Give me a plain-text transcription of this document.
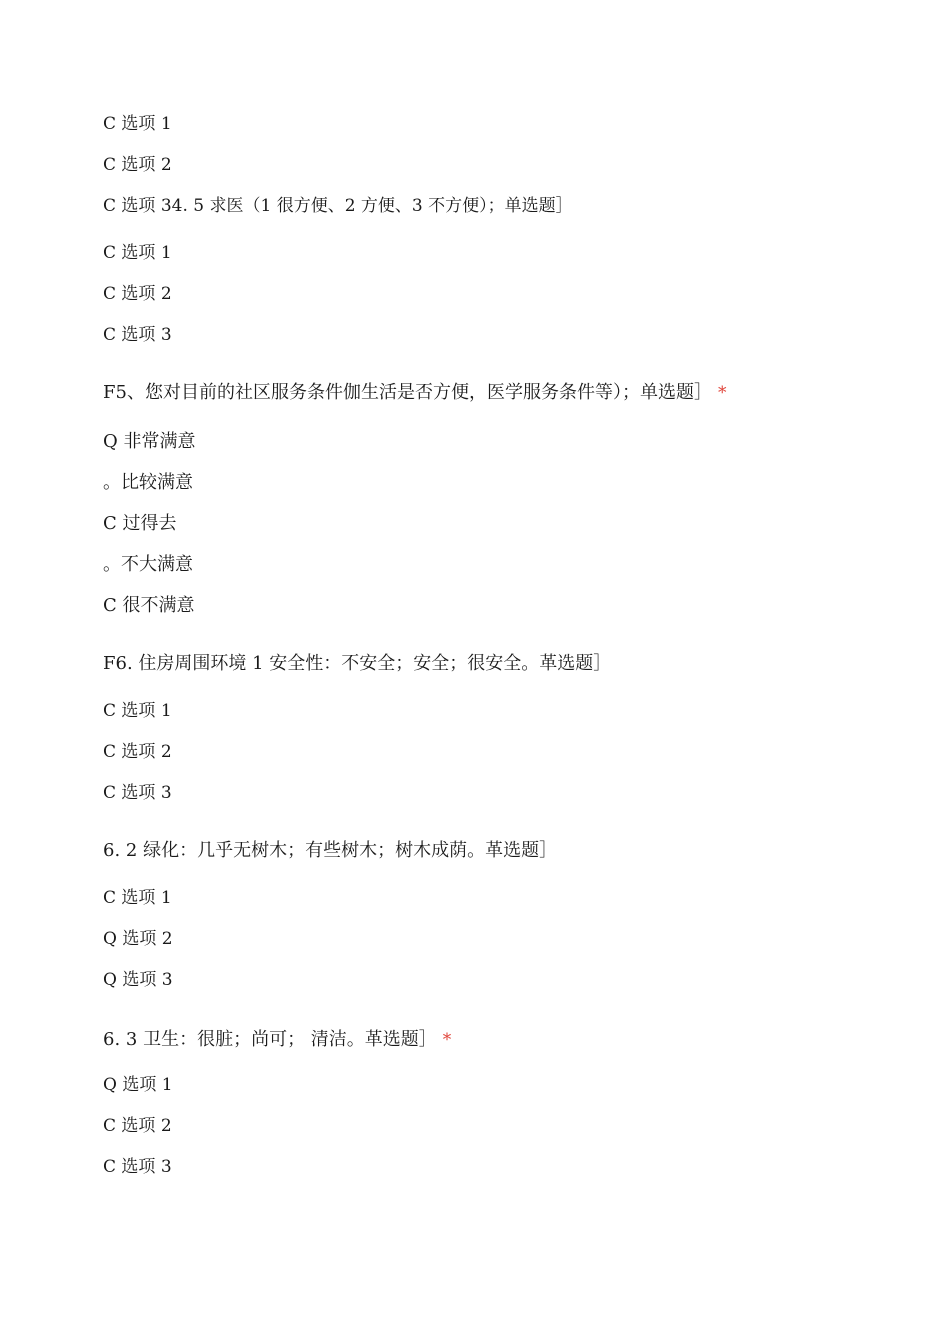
C 选项 1

C 选项 2

C 选项 34. 5 求医（1 很方便、2 方便、3 不方便）；单选题］

C 选项 1

C 选项 2

C 选项 3

F5、您对目前的社区服务条件伽生活是否方便，医学服务条件等）；单选题］ *

Q 非常满意

。比较满意

C 过得去

。不大满意

C 很不满意

F6. 住房周围环境 1 安全性：不安全；安全；很安全。革选题］

C 选项 1

C 选项 2

C 选项 3

6. 2 绿化：几乎无树木；有些树木；树木成荫。革选题］

C 选项 1

Q 选项 2

Q 选项 3

6. 3 卫生：很脏；尚可； 清洁。革选题］ *

Q 选项 1

C 选项 2

C 选项 3
